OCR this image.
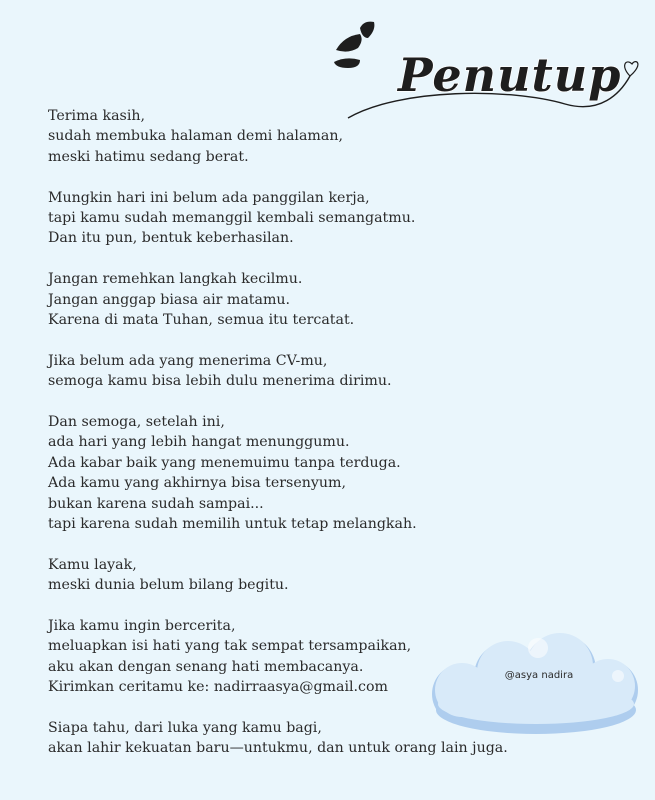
Penutup
Terima kasih,
sudah membuka halaman demi halaman,
meski hatimu sedang berat.
Mungkin hari ini belum ada panggilan kerja,
tapi kamu sudah memanggil kembali semangatmu.
Dan itu pun, bentuk keberhasilan.
Jangan remehkan langkah kecilmu.
Jangan anggap biasa air matamu.
Karena di mata Tuhan, semua itu tercatat.
Jika belum ada yang menerima CV-mu,
semoga kamu bisa lebih dulu menerima dirimu.
Dan semoga, setelah ini,
ada hari yang lebih hangat menunggumu.
Ada kabar baik yang menemuimu tanpa terduga.
Ada kamu yang akhirnya bisa tersenyum,
bukan karena sudah sampai...
tapi karena sudah memilih untuk tetap melangkah.
Kamu layak,
meski dunia belum bilang begitu.
Jika kamu ingin bercerita,
meluapkan isi hati yang tak sempat tersampaikan,
aku akan dengan senang hati membacanya.
Kirimkan ceritamu ke: nadirraasya@gmail.com
Siapa tahu, dari luka yang kamu bagi,
akan lahir kekuatan baru—untukmu, dan untuk orang lain juga.
@asya nadira
